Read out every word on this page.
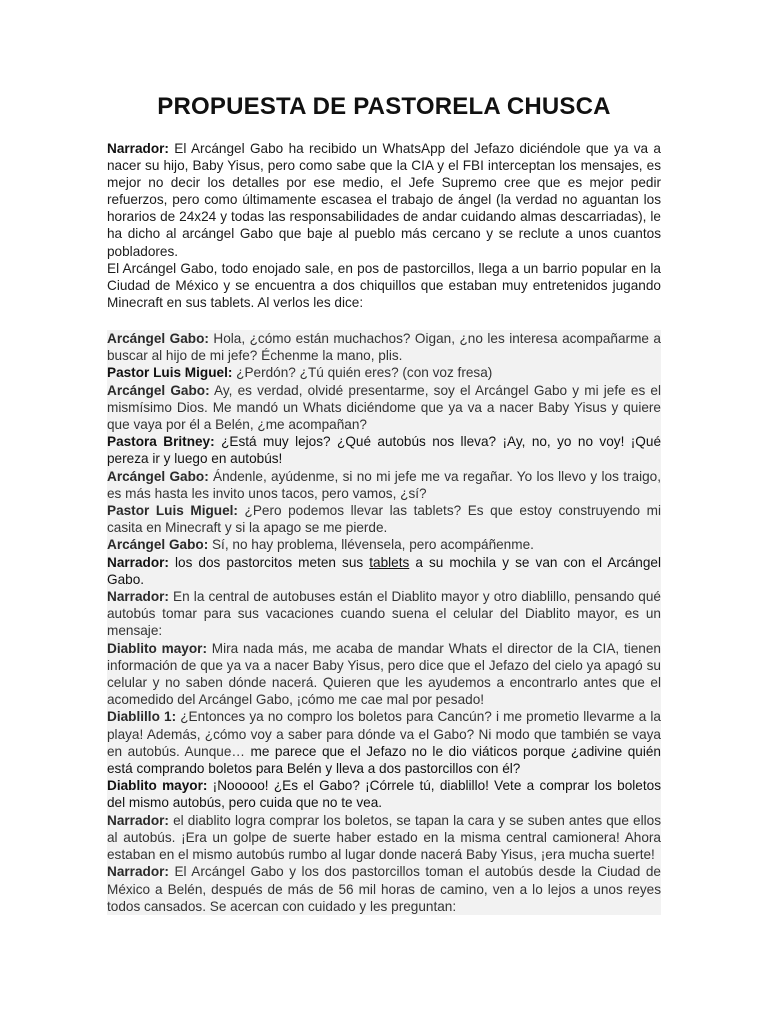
PROPUESTA DE PASTORELA CHUSCA

Narrador: El Arcángel Gabo ha recibido un WhatsApp del Jefazo diciéndole que ya va a nacer su hijo, Baby Yisus, pero como sabe que la CIA y el FBI interceptan los mensajes, es mejor no decir los detalles por ese medio, el Jefe Supremo cree que es mejor pedir refuerzos, pero como últimamente escasea el trabajo de ángel (la verdad no aguantan los horarios de 24x24 y todas las responsabilidades de andar cuidando almas descarriadas), le ha dicho al arcángel Gabo que baje al pueblo más cercano y se reclute a unos cuantos pobladores.

El Arcángel Gabo, todo enojado sale, en pos de pastorcillos, llega a un barrio popular en la Ciudad de México y se encuentra a dos chiquillos que estaban muy entretenidos jugando Minecraft en sus tablets. Al verlos les dice:

Arcángel Gabo: Hola, ¿cómo están muchachos? Oigan, ¿no les interesa acompañarme a buscar al hijo de mi jefe? Échenme la mano, plis.

Pastor Luis Miguel: ¿Perdón? ¿Tú quién eres? (con voz fresa)

Arcángel Gabo: Ay, es verdad, olvidé presentarme, soy el Arcángel Gabo y mi jefe es el mismísimo Dios. Me mandó un Whats diciéndome que ya va a nacer Baby Yisus y quiere que vaya por él a Belén, ¿me acompañan?

Pastora Britney: ¿Está muy lejos? ¿Qué autobús nos lleva? ¡Ay, no, yo no voy! ¡Qué pereza ir y luego en autobús!

Arcángel Gabo: Ándenle, ayúdenme, si no mi jefe me va regañar. Yo los llevo y los traigo, es más hasta les invito unos tacos, pero vamos, ¿sí?

Pastor Luis Miguel: ¿Pero podemos llevar las tablets? Es que estoy construyendo mi casita en Minecraft y si la apago se me pierde.

Arcángel Gabo: Sí, no hay problema, llévensela, pero acompáñenme.

Narrador: los dos pastorcitos meten sus tablets a su mochila y se van con el Arcángel Gabo.

Narrador: En la central de autobuses están el Diablito mayor y otro diablillo, pensando qué autobús tomar para sus vacaciones cuando suena el celular del Diablito mayor, es un mensaje:

Diablito mayor: Mira nada más, me acaba de mandar Whats el director de la CIA, tienen información de que ya va a nacer Baby Yisus, pero dice que el Jefazo del cielo ya apagó su celular y no saben dónde nacerá. Quieren que les ayudemos a encontrarlo antes que el acomedido del Arcángel Gabo, ¡cómo me cae mal por pesado!

Diablillo 1: ¿Entonces ya no compro los boletos para Cancún? i me prometio llevarme a la playa! Además, ¿cómo voy a saber para dónde va el Gabo? Ni modo que también se vaya en autobús. Aunque… me parece que el Jefazo no le dio viáticos porque ¿adivine quién está comprando boletos para Belén y lleva a dos pastorcillos con él?

Diablito mayor: ¡Nooooo! ¿Es el Gabo? ¡Córrele tú, diablillo! Vete a comprar los boletos del mismo autobús, pero cuida que no te vea.

Narrador: el diablito logra comprar los boletos, se tapan la cara y se suben antes que ellos al autobús. ¡Era un golpe de suerte haber estado en la misma central camionera! Ahora estaban en el mismo autobús rumbo al lugar donde nacerá Baby Yisus, ¡era mucha suerte!

Narrador: El Arcángel Gabo y los dos pastorcillos toman el autobús desde la Ciudad de México a Belén, después de más de 56 mil horas de camino, ven a lo lejos a unos reyes todos cansados. Se acercan con cuidado y les preguntan:
